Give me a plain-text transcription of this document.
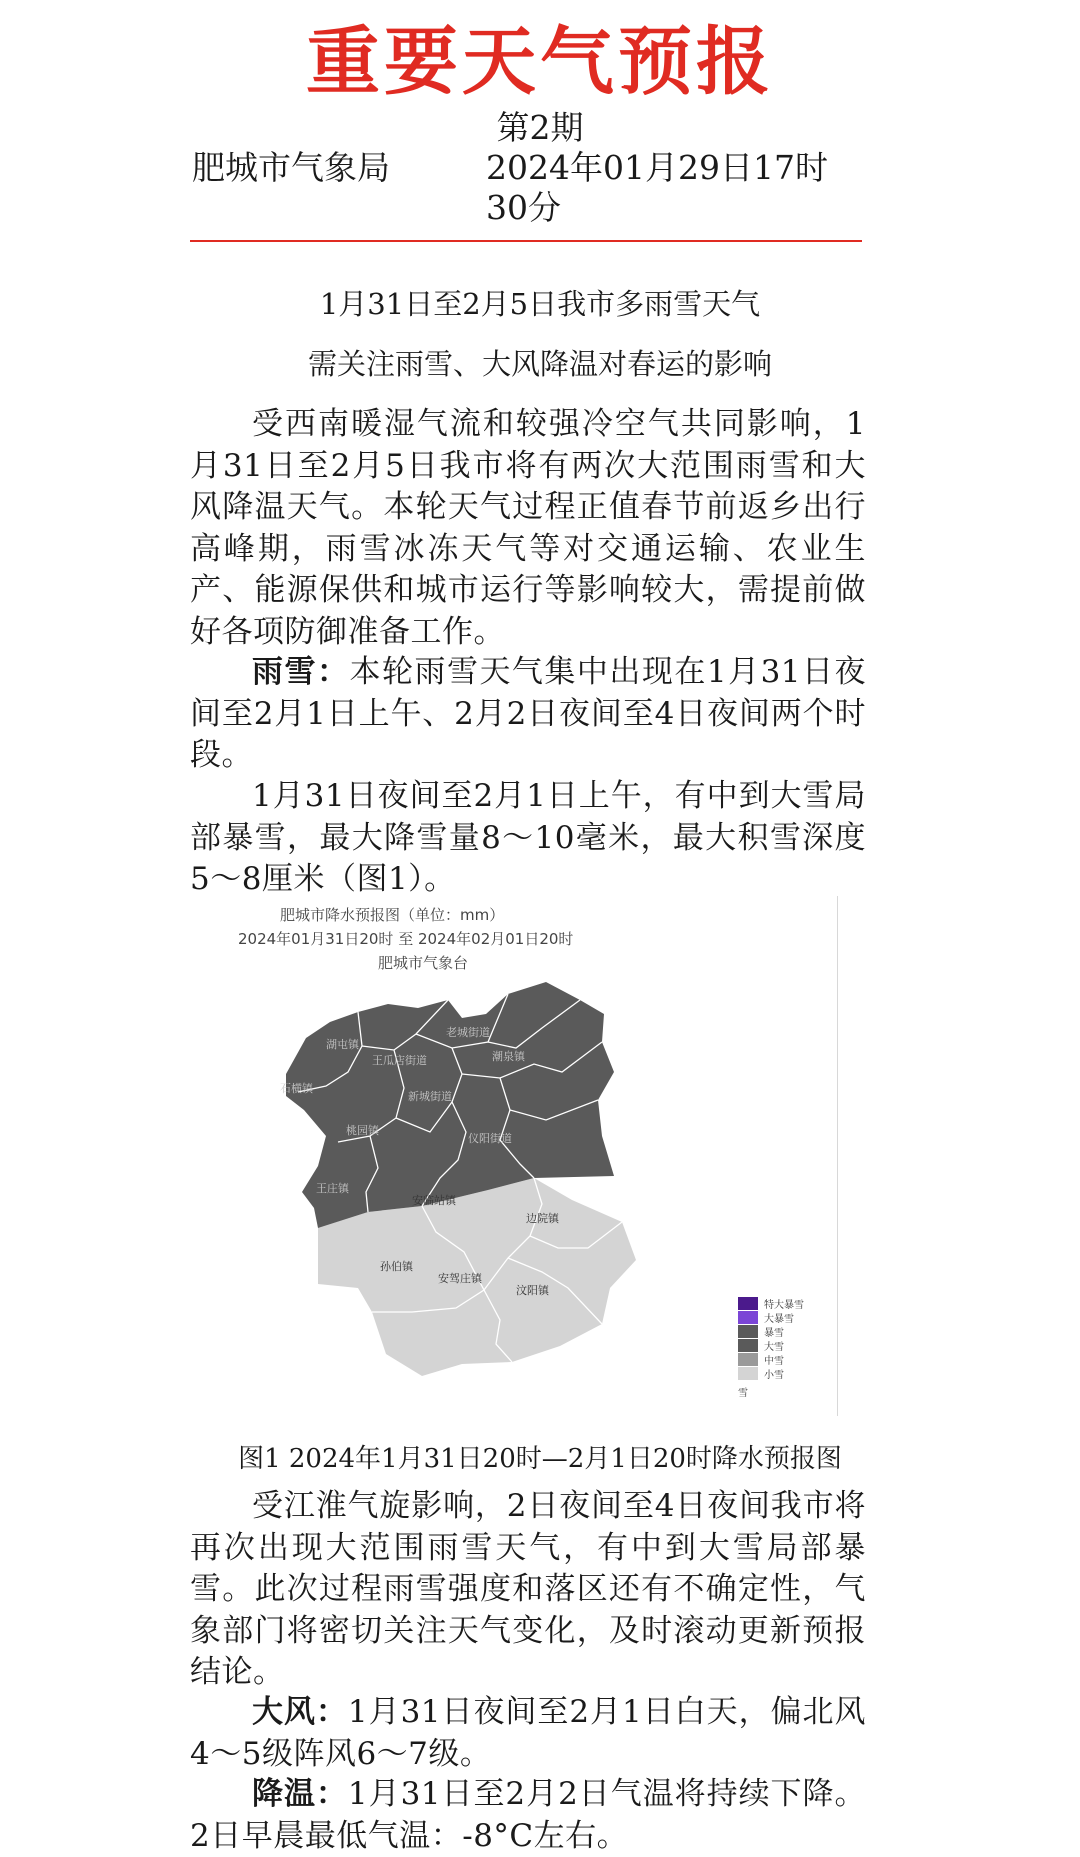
重要天气预报
第2期
肥城市气象局	2024年01月29日17时30分
1月31日至2月5日我市多雨雪天气
需关注雨雪、大风降温对春运的影响

受西南暖湿气流和较强冷空气共同影响，1月31日至2月5日我市将有两次大范围雨雪和大风降温天气。本轮天气过程正值春节前返乡出行高峰期，雨雪冰冻天气等对交通运输、农业生产、能源保供和城市运行等影响较大，需提前做好各项防御准备工作。

雨雪：本轮雨雪天气集中出现在1月31日夜间至2月1日上午、2月2日夜间至4日夜间两个时段。

1月31日夜间至2月1日上午，有中到大雪局部暴雪，最大降雪量8～10毫米，最大积雪深度5～8厘米（图1）。

肥城市降水预报图（单位：mm）
2024年01月31日20时 至 2024年02月01日20时
肥城市气象台
湖屯镇
老城街道
潮泉镇
王瓜店街道
石横镇
新城街道
仪阳街道
桃园镇
王庄镇
安临站镇
边院镇
孙伯镇
安驾庄镇
汶阳镇
特大暴雪
大暴雪
暴雪
大雪
中雪
小雪
雪
图1 2024年1月31日20时—2月1日20时降水预报图

受江淮气旋影响，2日夜间至4日夜间我市将再次出现大范围雨雪天气，有中到大雪局部暴雪。此次过程雨雪强度和落区还有不确定性，气象部门将密切关注天气变化，及时滚动更新预报结论。

大风：1月31日夜间至2月1日白天，偏北风4～5级阵风6～7级。

降温：1月31日至2月2日气温将持续下降。2日早晨最低气温：-8°C左右。
